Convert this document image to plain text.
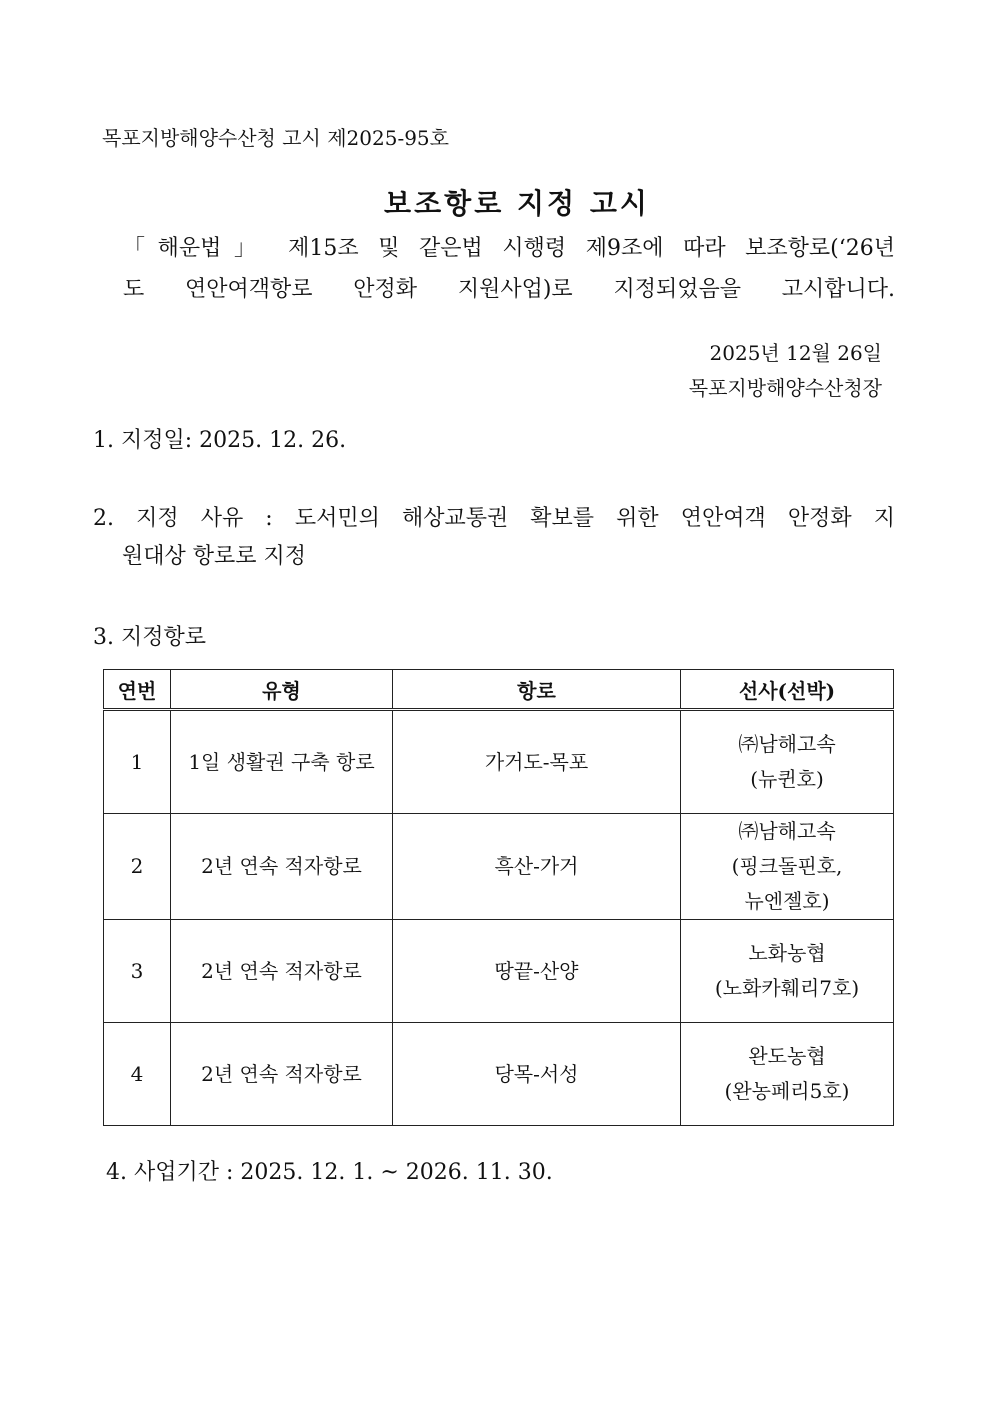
목포지방해양수산청 고시 제2025-95호
보조항로 지정 고시
「해운법」 제15조 및 같은법 시행령 제9조에 따라 보조항로(‘26년
도 연안여객항로 안정화 지원사업)로 지정되었음을 고시합니다.
2025년 12월 26일
목포지방해양수산청장
1. 지정일: 2025. 12. 26.
2. 지정 사유 : 도서민의 해상교통권 확보를 위한 연안여객 안정화 지
원대상 항로로 지정
3. 지정항로
연번	유형	항로	선사(선박)
1	1일 생활권 구축 항로	가거도-목포	㈜남해고속
(뉴퀸호)

2	2년 연속 적자항로	흑산-가거	㈜남해고속
(핑크돌핀호,
뉴엔젤호)

3	2년 연속 적자항로	땅끝-산양	노화농협
(노화카훼리7호)

4	2년 연속 적자항로	당목-서성	완도농협
(완농페리5호)
4. 사업기간 : 2025. 12. 1. ~ 2026. 11. 30.
